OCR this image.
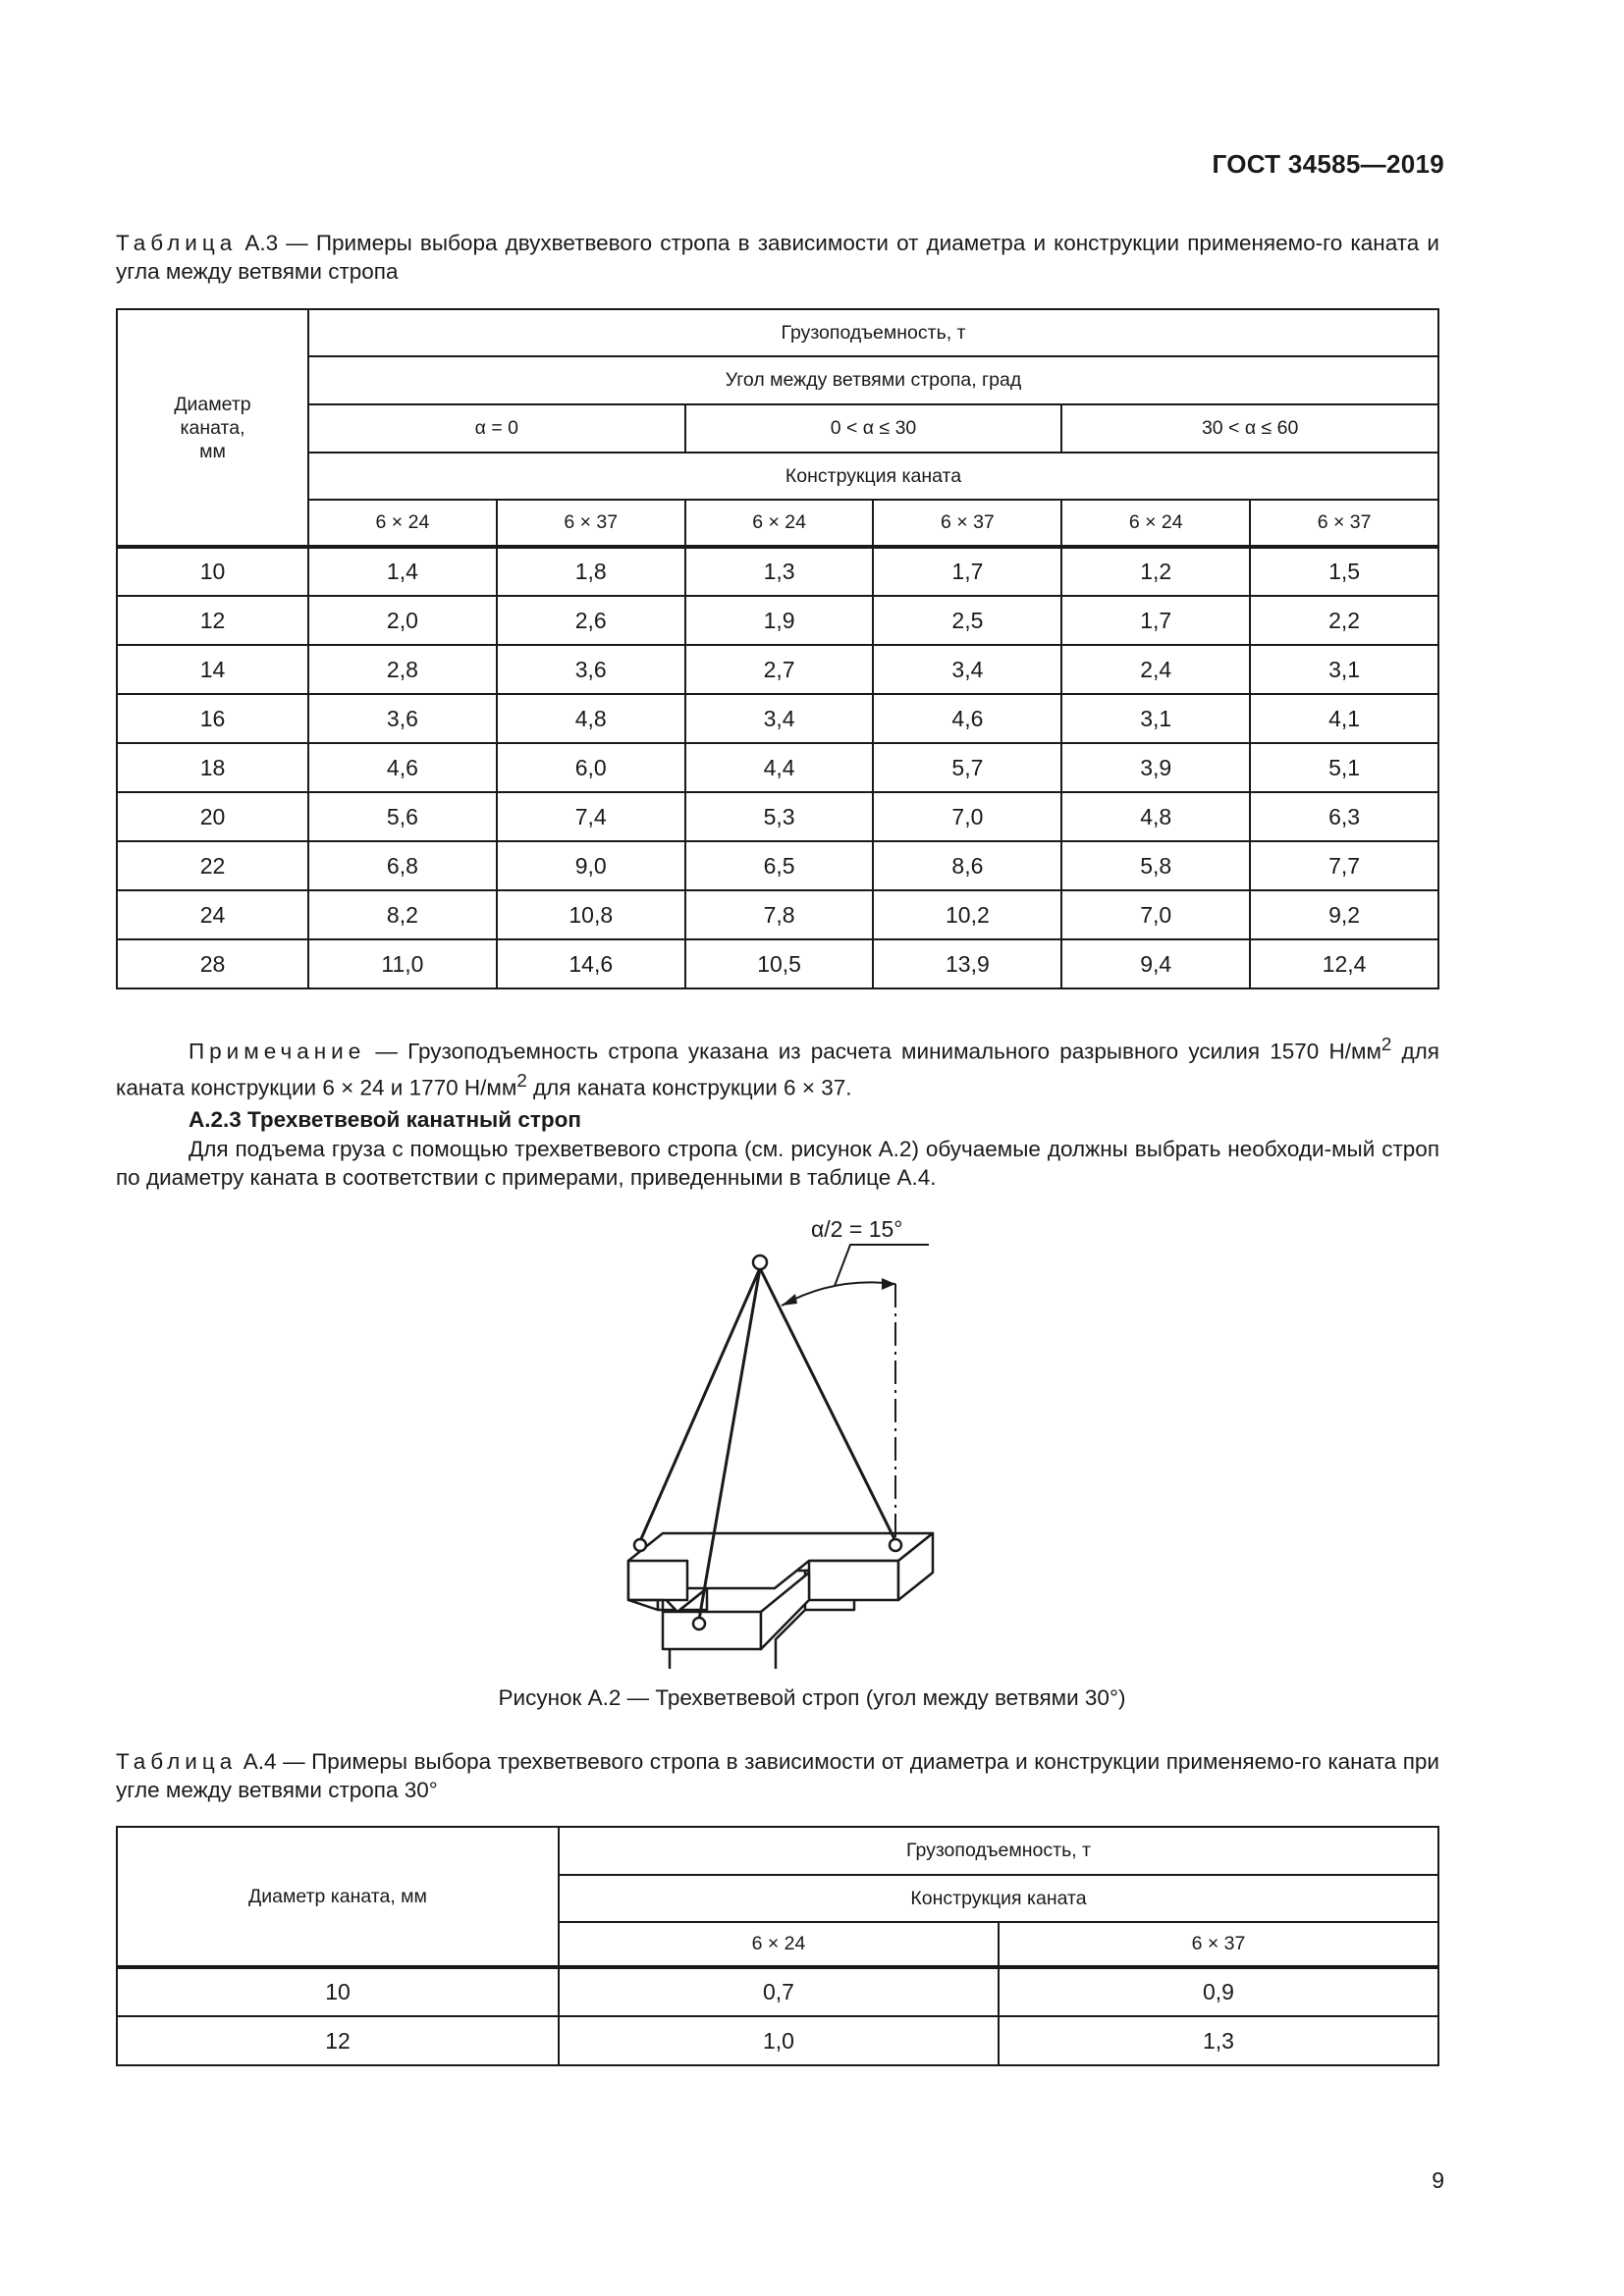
ГОСТ 34585—2019
Таблица А.3 — Примеры выбора двухветвевого стропа в зависимости от диаметра и конструкции применяемо-го каната и угла между ветвями стропа
Диаметр
каната,
мм	Грузоподъемность, т					
	Угол между ветвями стропа, град					
	α = 0		0 < α ≤ 30		30 < α ≤ 60	
	Конструкция каната					
	6 × 24	6 × 37	6 × 24	6 × 37	6 × 24	6 × 37
10	1,4	1,8	1,3	1,7	1,2	1,5
12	2,0	2,6	1,9	2,5	1,7	2,2
14	2,8	3,6	2,7	3,4	2,4	3,1
16	3,6	4,8	3,4	4,6	3,1	4,1
18	4,6	6,0	4,4	5,7	3,9	5,1
20	5,6	7,4	5,3	7,0	4,8	6,3
22	6,8	9,0	6,5	8,6	5,8	7,7
24	8,2	10,8	7,8	10,2	7,0	9,2
28	11,0	14,6	10,5	13,9	9,4	12,4
Примечание — Грузоподъемность стропа указана из расчета минимального разрывного усилия 1570 $Н/мм^2$ для каната конструкции 6 × 24 и 1770 $Н/мм^2$ для каната конструкции 6 × 37.
А.2.3 Трехветвевой канатный строп
Для подъема груза с помощью трехветвевого стропа (см. рисунок А.2) обучаемые должны выбрать необходи-мый строп по диаметру каната в соответствии с примерами, приведенными в таблице А.4.
α/2 = 15°
Рисунок А.2 — Трехветвевой строп (угол между ветвями 30°)
Таблица А.4 — Примеры выбора трехветвевого стропа в зависимости от диаметра и конструкции применяемо-го каната при угле между ветвями стропа 30°
Диаметр каната, мм	Грузоподъемность, т	
	Конструкция каната	
	6 × 24	6 × 37
10	0,7	0,9
12	1,0	1,3
9
